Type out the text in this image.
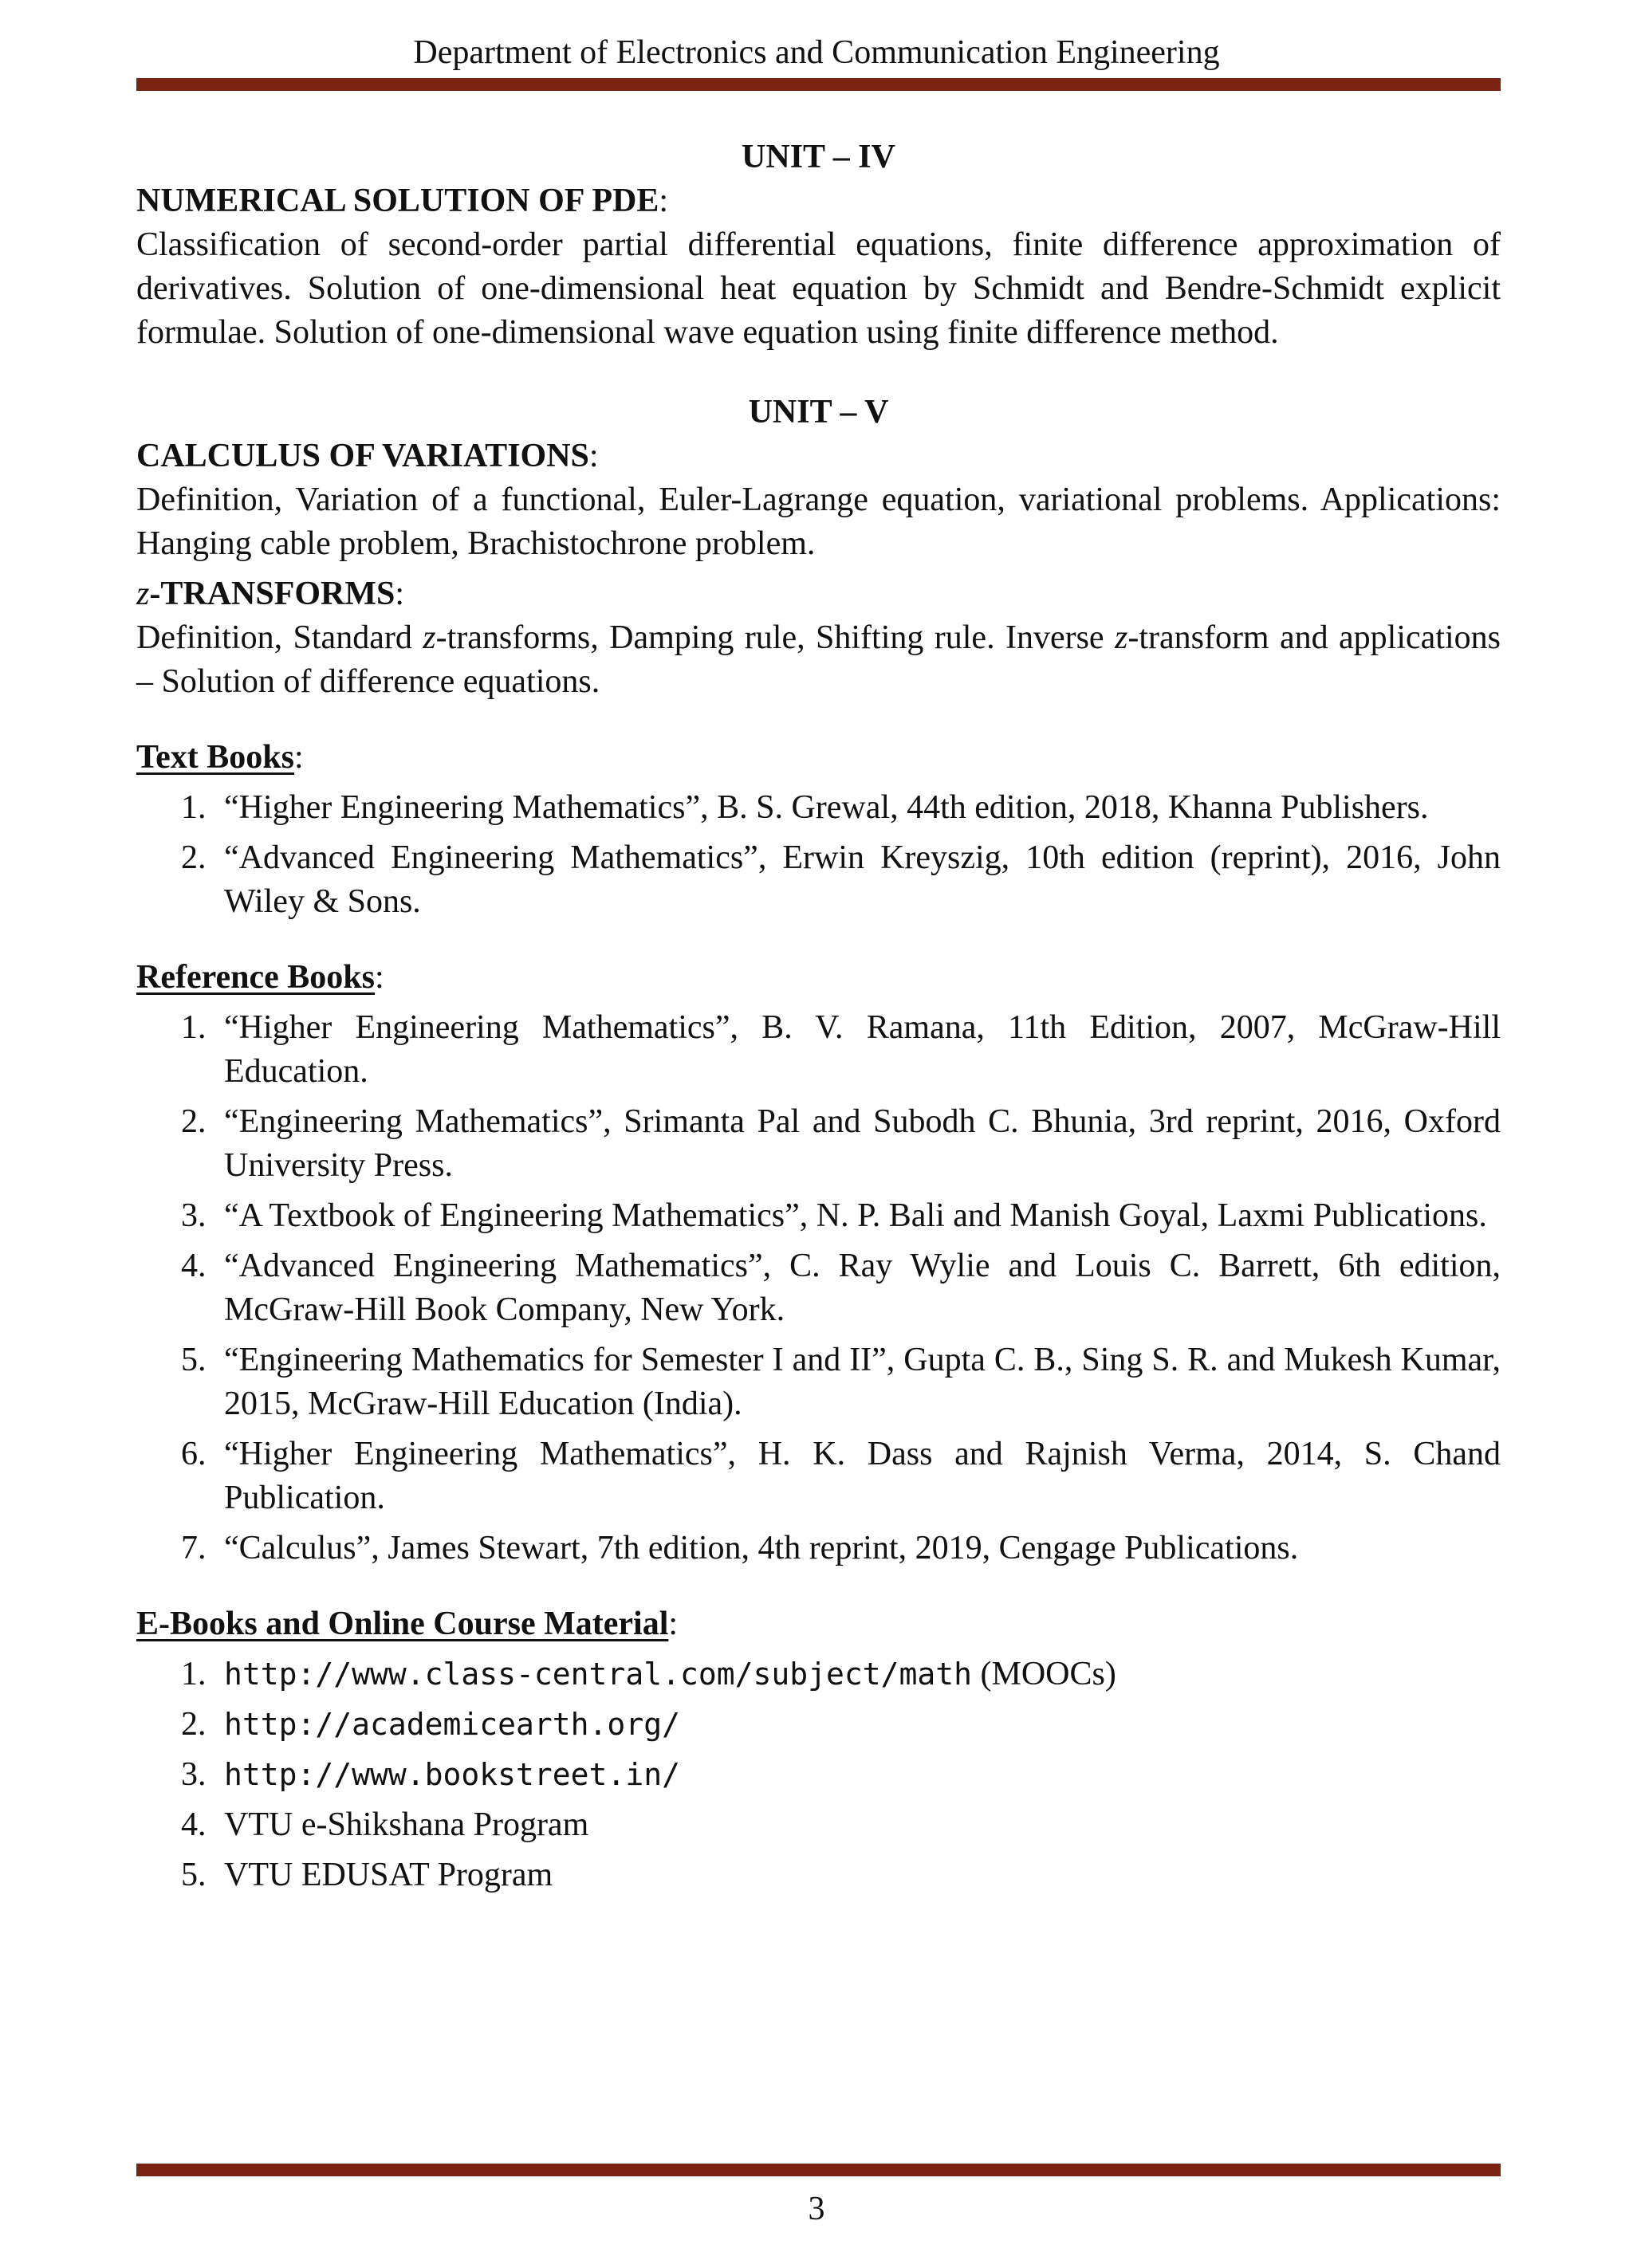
Department of Electronics and Communication Engineering

UNIT – IV

NUMERICAL SOLUTION OF PDE:

Classification of second-order partial differential equations, finite difference approximation of derivatives. Solution of one-dimensional heat equation by Schmidt and Bendre-Schmidt explicit formulae. Solution of one-dimensional wave equation using finite difference method.

UNIT – V

CALCULUS OF VARIATIONS:

Definition, Variation of a functional, Euler-Lagrange equation, variational problems. Applications: Hanging cable problem, Brachistochrone problem.

z-TRANSFORMS:

Definition, Standard z-transforms, Damping rule, Shifting rule. Inverse z-transform and applications – Solution of difference equations.

Text Books:

1. “Higher Engineering Mathematics”, B. S. Grewal, 44th edition, 2018, Khanna Publishers.
2. “Advanced Engineering Mathematics”, Erwin Kreyszig, 10th edition (reprint), 2016, John Wiley & Sons.

Reference Books:

1. “Higher Engineering Mathematics”, B. V. Ramana, 11th Edition, 2007, McGraw-Hill Education.
2. “Engineering Mathematics”, Srimanta Pal and Subodh C. Bhunia, 3rd reprint, 2016, Oxford University Press.
3. “A Textbook of Engineering Mathematics”, N. P. Bali and Manish Goyal, Laxmi Publications.
4. “Advanced Engineering Mathematics”, C. Ray Wylie and Louis C. Barrett, 6th edition, McGraw-Hill Book Company, New York.
5. “Engineering Mathematics for Semester I and II”, Gupta C. B., Sing S. R. and Mukesh Kumar, 2015, McGraw-Hill Education (India).
6. “Higher Engineering Mathematics”, H. K. Dass and Rajnish Verma, 2014, S. Chand Publication.
7. “Calculus”, James Stewart, 7th edition, 4th reprint, 2019, Cengage Publications.

E-Books and Online Course Material:

1. http://www.class-central.com/subject/math (MOOCs)
2. http://academicearth.org/
3. http://www.bookstreet.in/
4. VTU e-Shikshana Program
5. VTU EDUSAT Program
3
